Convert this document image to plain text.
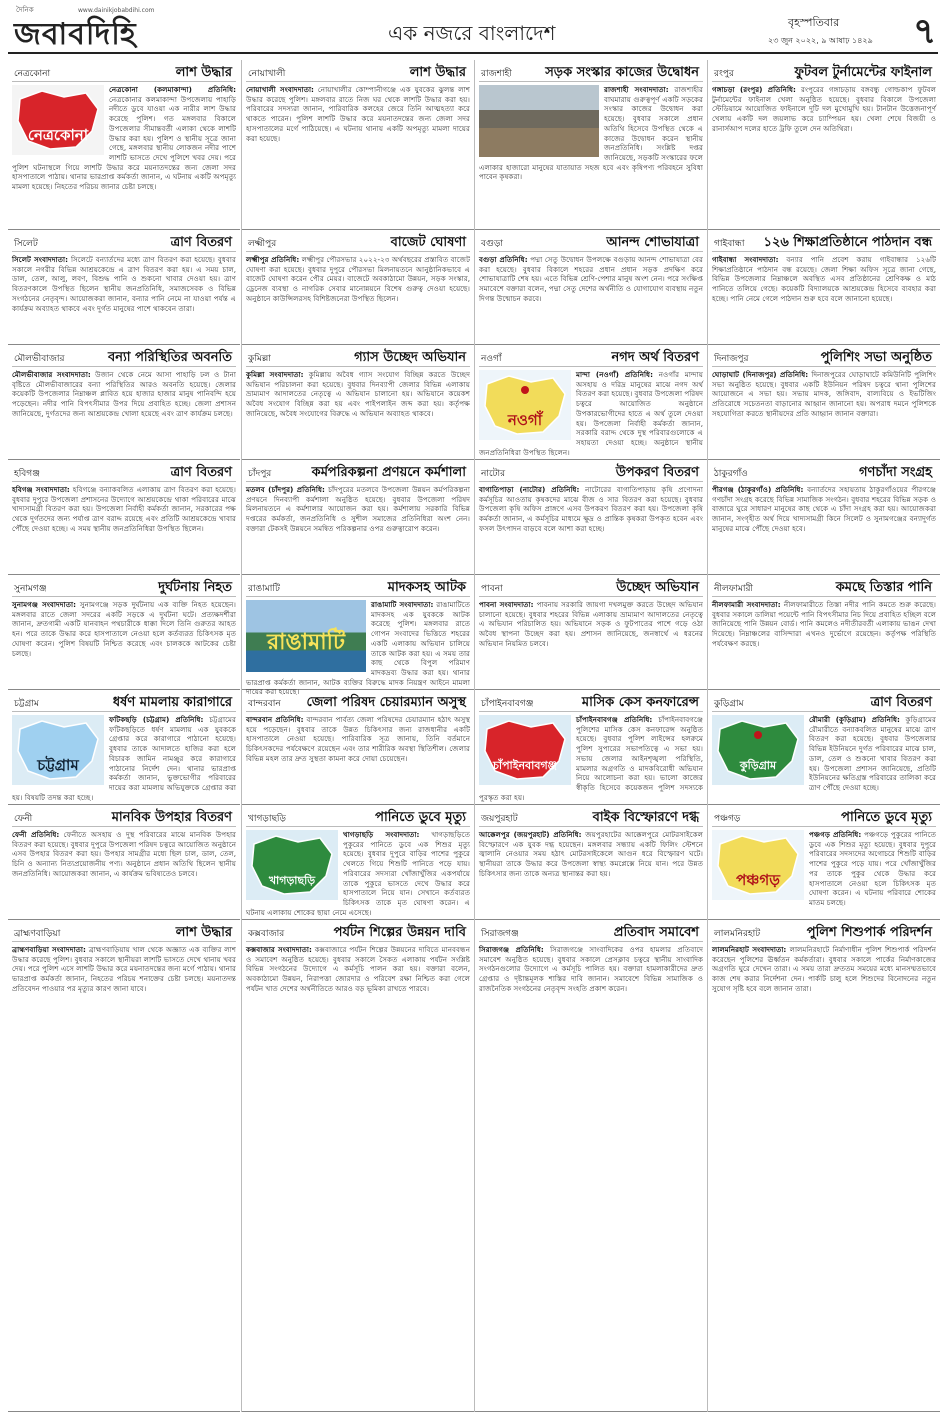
দৈনিক	www.dainikjobabdihi.com
জবাবদিহি	এক নজরে বাংলাদেশ	বৃহস্পতিবার
২৩ জুন ২০২২, ৯ আষাঢ় ১৪২৯ ৭
নেত্রকোনা	লাশ উদ্ধার
নেত্রকোনা
নেত্রকোনা (কলমাকান্দা) প্রতিনিধি: নেত্রকোনার কলমাকান্দা উপজেলায় পাহাড়ি নদীতে ডুবে যাওয়া এক নারীর লাশ উদ্ধার করেছে পুলিশ। গত মঙ্গলবার বিকালে উপজেলার সীমান্তবর্তী এলাকা থেকে লাশটি উদ্ধার করা হয়। পুলিশ ও স্থানীয় সূত্রে জানা গেছে, মঙ্গলবার স্থানীয় লোকজন নদীর পাশে লাশটি ভাসতে দেখে পুলিশে খবর দেয়। পরে পুলিশ ঘটনাস্থলে গিয়ে লাশটি উদ্ধার করে ময়নাতদন্তের জন্য জেলা সদর হাসপাতালে পাঠায়। থানার ভারপ্রাপ্ত কর্মকর্তা জানান, এ ঘটনায় একটি অপমৃত্যু মামলা হয়েছে। নিহতের পরিচয় জানার চেষ্টা চলছে।
সিলেট	ত্রাণ বিতরণ
সিলেট সংবাদদাতা: সিলেটে বন্যার্তদের মধ্যে ত্রাণ বিতরণ করা হয়েছে। বুধবার সকালে নগরীর বিভিন্ন আশ্রয়কেন্দ্রে এ ত্রাণ বিতরণ করা হয়। এ সময় চাল, ডাল, তেল, আলু, লবণ, বিশুদ্ধ পানি ও শুকনো খাবার দেওয়া হয়। ত্রাণ বিতরণকালে উপস্থিত ছিলেন স্থানীয় জনপ্রতিনিধি, সমাজসেবক ও বিভিন্ন সংগঠনের নেতৃবৃন্দ। আয়োজকরা জানান, বন্যার পানি নেমে না যাওয়া পর্যন্ত এ কার্যক্রম অব্যাহত থাকবে এবং দুর্গত মানুষের পাশে থাকবেন তারা।
মৌলভীবাজার	বন্যা পরিস্থিতির অবনতি
মৌলভীবাজার সংবাদদাতা: উজান থেকে নেমে আসা পাহাড়ি ঢল ও টানা বৃষ্টিতে মৌলভীবাজারের বন্যা পরিস্থিতির আরও অবনতি হয়েছে। জেলার কয়েকটি উপজেলার নিম্নাঞ্চল প্লাবিত হয়ে হাজার হাজার মানুষ পানিবন্দি হয়ে পড়েছেন। নদীর পানি বিপৎসীমার উপর দিয়ে প্রবাহিত হচ্ছে। জেলা প্রশাসন জানিয়েছে, দুর্গতদের জন্য আশ্রয়কেন্দ্র খোলা হয়েছে এবং ত্রাণ কার্যক্রম চলছে।
হবিগঞ্জ	ত্রাণ বিতরণ
হবিগঞ্জ সংবাদদাতা: হবিগঞ্জে বন্যাকবলিত এলাকায় ত্রাণ বিতরণ করা হয়েছে। বুধবার দুপুরে উপজেলা প্রশাসনের উদ্যোগে আশ্রয়কেন্দ্রে থাকা পরিবারের মাঝে খাদ্যসামগ্রী বিতরণ করা হয়। উপজেলা নির্বাহী কর্মকর্তা জানান, সরকারের পক্ষ থেকে দুর্গতদের জন্য পর্যাপ্ত ত্রাণ বরাদ্দ রয়েছে এবং প্রতিটি আশ্রয়কেন্দ্রে খাবার পৌঁছে দেওয়া হচ্ছে। এ সময় স্থানীয় জনপ্রতিনিধিরা উপস্থিত ছিলেন।
সুনামগঞ্জ	দুর্ঘটনায় নিহত
সুনামগঞ্জ সংবাদদাতা: সুনামগঞ্জে সড়ক দুর্ঘটনায় এক ব্যক্তি নিহত হয়েছেন। মঙ্গলবার রাতে জেলা সদরের একটি সড়কে এ দুর্ঘটনা ঘটে। প্রত্যক্ষদর্শীরা জানান, দ্রুতগামী একটি যানবাহন পথচারীকে ধাক্কা দিলে তিনি গুরুতর আহত হন। পরে তাকে উদ্ধার করে হাসপাতালে নেওয়া হলে কর্তব্যরত চিকিৎসক মৃত ঘোষণা করেন। পুলিশ বিষয়টি নিশ্চিত করেছে এবং চালককে আটকের চেষ্টা চলছে।
চট্টগ্রাম	ধর্ষণ মামলায় কারাগারে
চট্টগ্রাম
ফটিকছড়ি (চট্টগ্রাম) প্রতিনিধি: চট্টগ্রামের ফটিকছড়িতে ধর্ষণ মামলায় এক যুবককে গ্রেপ্তার করে কারাগারে পাঠানো হয়েছে। বুধবার তাকে আদালতে হাজির করা হলে বিচারক জামিন নামঞ্জুর করে কারাগারে পাঠানোর নির্দেশ দেন। থানার ভারপ্রাপ্ত কর্মকর্তা জানান, ভুক্তভোগীর পরিবারের দায়ের করা মামলায় অভিযুক্তকে গ্রেপ্তার করা হয়। বিষয়টি তদন্ত করা হচ্ছে।
ফেনী	মানবিক উপহার বিতরণ
ফেনী প্রতিনিধি: ফেনীতে অসহায় ও দুস্থ পরিবারের মাঝে মানবিক উপহার বিতরণ করা হয়েছে। বুধবার দুপুরে উপজেলা পরিষদ চত্বরে আয়োজিত অনুষ্ঠানে এসব উপহার বিতরণ করা হয়। উপহার সামগ্রীর মধ্যে ছিল চাল, ডাল, তেল, চিনি ও অন্যান্য নিত্যপ্রয়োজনীয় পণ্য। অনুষ্ঠানে প্রধান অতিথি ছিলেন স্থানীয় জনপ্রতিনিধি। আয়োজকরা জানান, এ কার্যক্রম ভবিষ্যতেও চলবে।
ব্রাহ্মণবাড়িয়া	লাশ উদ্ধার
ব্রাহ্মণবাড়িয়া সংবাদদাতা: ব্রাহ্মণবাড়িয়ায় খাল থেকে অজ্ঞাত এক ব্যক্তির লাশ উদ্ধার করেছে পুলিশ। বুধবার সকালে স্থানীয়রা লাশটি ভাসতে দেখে থানায় খবর দেয়। পরে পুলিশ এসে লাশটি উদ্ধার করে ময়নাতদন্তের জন্য মর্গে পাঠায়। থানার ভারপ্রাপ্ত কর্মকর্তা জানান, নিহতের পরিচয় শনাক্তের চেষ্টা চলছে। ময়নাতদন্ত প্রতিবেদন পাওয়ার পর মৃত্যুর কারণ জানা যাবে।
নোয়াখালী	লাশ উদ্ধার
নোয়াখালী সংবাদদাতা: নোয়াখালীর কোম্পানীগঞ্জে এক যুবকের ঝুলন্ত লাশ উদ্ধার করেছে পুলিশ। মঙ্গলবার রাতে নিজ ঘর থেকে লাশটি উদ্ধার করা হয়। পরিবারের সদস্যরা জানান, পারিবারিক কলহের জেরে তিনি আত্মহত্যা করে থাকতে পারেন। পুলিশ লাশটি উদ্ধার করে ময়নাতদন্তের জন্য জেলা সদর হাসপাতালের মর্গে পাঠিয়েছে। এ ঘটনায় থানায় একটি অপমৃত্যু মামলা দায়ের করা হয়েছে।
লক্ষ্মীপুর	বাজেট ঘোষণা
লক্ষ্মীপুর প্রতিনিধি: লক্ষ্মীপুর পৌরসভার ২০২২-২৩ অর্থবছরের প্রস্তাবিত বাজেট ঘোষণা করা হয়েছে। বুধবার দুপুরে পৌরসভা মিলনায়তনে আনুষ্ঠানিকভাবে এ বাজেট ঘোষণা করেন পৌর মেয়র। বাজেটে অবকাঠামো উন্নয়ন, সড়ক সংস্কার, ড্রেনেজ ব্যবস্থা ও নাগরিক সেবার মানোন্নয়নে বিশেষ গুরুত্ব দেওয়া হয়েছে। অনুষ্ঠানে কাউন্সিলরসহ বিশিষ্টজনেরা উপস্থিত ছিলেন।
কুমিল্লা	গ্যাস উচ্ছেদ অভিযান
কুমিল্লা সংবাদদাতা: কুমিল্লায় অবৈধ গ্যাস সংযোগ বিচ্ছিন্ন করতে উচ্ছেদ অভিযান পরিচালনা করা হয়েছে। বুধবার দিনব্যাপী জেলার বিভিন্ন এলাকায় ভ্রাম্যমাণ আদালতের নেতৃত্বে এ অভিযান চালানো হয়। অভিযানে কয়েকশ অবৈধ সংযোগ বিচ্ছিন্ন করা হয় এবং পাইপলাইন জব্দ করা হয়। কর্তৃপক্ষ জানিয়েছে, অবৈধ সংযোগের বিরুদ্ধে এ অভিযান অব্যাহত থাকবে।
চাঁদপুর	কর্মপরিকল্পনা প্রণয়নে কর্মশালা
মতলব (চাঁদপুর) প্রতিনিধি: চাঁদপুরের মতলবে উপজেলা উন্নয়ন কর্মপরিকল্পনা প্রণয়নে দিনব্যাপী কর্মশালা অনুষ্ঠিত হয়েছে। বুধবার উপজেলা পরিষদ মিলনায়তনে এ কর্মশালার আয়োজন করা হয়। কর্মশালায় সরকারি বিভিন্ন দপ্তরের কর্মকর্তা, জনপ্রতিনিধি ও সুশীল সমাজের প্রতিনিধিরা অংশ নেন। বক্তারা টেকসই উন্নয়নে সমন্বিত পরিকল্পনার ওপর গুরুত্বারোপ করেন।
রাঙামাটি	মাদকসহ আটক
রাঙামাটি
রাঙামাটি সংবাদদাতা: রাঙামাটিতে মাদকসহ এক যুবককে আটক করেছে পুলিশ। মঙ্গলবার রাতে গোপন সংবাদের ভিত্তিতে শহরের একটি এলাকায় অভিযান চালিয়ে তাকে আটক করা হয়। এ সময় তার কাছ থেকে বিপুল পরিমাণ মাদকদ্রব্য উদ্ধার করা হয়। থানার ভারপ্রাপ্ত কর্মকর্তা জানান, আটক ব্যক্তির বিরুদ্ধে মাদক নিয়ন্ত্রণ আইনে মামলা দায়ের করা হয়েছে।
বান্দরবান জেলা পরিষদ চেয়ারম্যান অসুস্থ
বান্দরবান প্রতিনিধি: বান্দরবান পার্বত্য জেলা পরিষদের চেয়ারম্যান হঠাৎ অসুস্থ হয়ে পড়েছেন। বুধবার তাকে উন্নত চিকিৎসার জন্য রাজধানীর একটি হাসপাতালে নেওয়া হয়েছে। পারিবারিক সূত্র জানায়, তিনি বর্তমানে চিকিৎসকদের পর্যবেক্ষণে রয়েছেন এবং তার শারীরিক অবস্থা স্থিতিশীল। জেলার বিভিন্ন মহল তার দ্রুত সুস্থতা কামনা করে দোয়া চেয়েছেন।
খাগড়াছড়ি	পানিতে ডুবে মৃত্যু
খাগড়াছড়ি
খাগড়াছড়ি সংবাদদাতা: খাগড়াছড়িতে পুকুরের পানিতে ডুবে এক শিশুর মৃত্যু হয়েছে। বুধবার দুপুরে বাড়ির পাশের পুকুরে খেলতে গিয়ে শিশুটি পানিতে পড়ে যায়। পরিবারের সদস্যরা খোঁজাখুঁজির একপর্যায়ে তাকে পুকুরে ভাসতে দেখে উদ্ধার করে হাসপাতালে নিয়ে যান। সেখানে কর্তব্যরত চিকিৎসক তাকে মৃত ঘোষণা করেন। এ ঘটনায় এলাকায় শোকের ছায়া নেমে এসেছে।
কক্সবাজার	পর্যটন শিল্পের উন্নয়ন দাবি
কক্সবাজার সংবাদদাতা: কক্সবাজারে পর্যটন শিল্পের উন্নয়নের দাবিতে মানববন্ধন ও সমাবেশ অনুষ্ঠিত হয়েছে। বুধবার সকালে সৈকত এলাকায় পর্যটন সংশ্লিষ্ট বিভিন্ন সংগঠনের উদ্যোগে এ কর্মসূচি পালন করা হয়। বক্তারা বলেন, অবকাঠামো উন্নয়ন, নিরাপত্তা জোরদার ও পরিবেশ রক্ষা নিশ্চিত করা গেলে পর্যটন খাত দেশের অর্থনীতিতে আরও বড় ভূমিকা রাখতে পারবে।
রাজশাহী	সড়ক সংস্কার কাজের উদ্বোধন
রাজশাহী সংবাদদাতা: রাজশাহীর বাঘমারায় গুরুত্বপূর্ণ একটি সড়কের সংস্কার কাজের উদ্বোধন করা হয়েছে। বুধবার সকালে প্রধান অতিথি হিসেবে উপস্থিত থেকে এ কাজের উদ্বোধন করেন স্থানীয় জনপ্রতিনিধি। সংশ্লিষ্ট দপ্তর জানিয়েছে, সড়কটি সংস্কারের ফলে এলাকার হাজারো মানুষের যাতায়াত সহজ হবে এবং কৃষিপণ্য পরিবহনে সুবিধা পাবেন কৃষকরা।
বগুড়া	আনন্দ শোভাযাত্রা
বগুড়া প্রতিনিধি: পদ্মা সেতু উদ্বোধন উপলক্ষে বগুড়ায় আনন্দ শোভাযাত্রা বের করা হয়েছে। বুধবার বিকালে শহরের প্রধান প্রধান সড়ক প্রদক্ষিণ করে শোভাযাত্রাটি শেষ হয়। এতে বিভিন্ন শ্রেণি-পেশার মানুষ অংশ নেন। পরে সংক্ষিপ্ত সমাবেশে বক্তারা বলেন, পদ্মা সেতু দেশের অর্থনীতি ও যোগাযোগ ব্যবস্থায় নতুন দিগন্ত উন্মোচন করবে।
নওগাঁ	নগদ অর্থ বিতরণ
নওগাঁ
মান্দা (নওগাঁ) প্রতিনিধি: নওগাঁর মান্দায় অসহায় ও দরিদ্র মানুষের মাঝে নগদ অর্থ বিতরণ করা হয়েছে। বুধবার উপজেলা পরিষদ চত্বরে আয়োজিত অনুষ্ঠানে উপকারভোগীদের হাতে এ অর্থ তুলে দেওয়া হয়। উপজেলা নির্বাহী কর্মকর্তা জানান, সরকারি বরাদ্দ থেকে দুস্থ পরিবারগুলোকে এ সহায়তা দেওয়া হচ্ছে। অনুষ্ঠানে স্থানীয় জনপ্রতিনিধিরা উপস্থিত ছিলেন।
নাটোর	উপকরণ বিতরণ
বাগাতিপাড়া (নাটোর) প্রতিনিধি: নাটোরের বাগাতিপাড়ায় কৃষি প্রণোদনা কর্মসূচির আওতায় কৃষকদের মাঝে বীজ ও সার বিতরণ করা হয়েছে। বুধবার উপজেলা কৃষি অফিস প্রাঙ্গণে এসব উপকরণ বিতরণ করা হয়। উপজেলা কৃষি কর্মকর্তা জানান, এ কর্মসূচির মাধ্যমে ক্ষুদ্র ও প্রান্তিক কৃষকরা উপকৃত হবেন এবং ফসল উৎপাদন বাড়বে বলে আশা করা হচ্ছে।
পাবনা	উচ্ছেদ অভিযান
পাবনা সংবাদদাতা: পাবনায় সরকারি জায়গা দখলমুক্ত করতে উচ্ছেদ অভিযান চালানো হয়েছে। বুধবার শহরের বিভিন্ন এলাকায় ভ্রাম্যমাণ আদালতের নেতৃত্বে এ অভিযান পরিচালিত হয়। অভিযানে সড়ক ও ফুটপাতের পাশে গড়ে ওঠা অবৈধ স্থাপনা উচ্ছেদ করা হয়। প্রশাসন জানিয়েছে, জনস্বার্থে এ ধরনের অভিযান নিয়মিত চলবে।
চাঁপাইনবাবগঞ্জ	মাসিক কেস কনফারেন্স
চাঁপাইনবাবগঞ্জ
চাঁপাইনবাবগঞ্জ প্রতিনিধি: চাঁপাইনবাবগঞ্জে পুলিশের মাসিক কেস কনফারেন্স অনুষ্ঠিত হয়েছে। বুধবার পুলিশ লাইন্সের হলরুমে পুলিশ সুপারের সভাপতিত্বে এ সভা হয়। সভায় জেলার আইনশৃঙ্খলা পরিস্থিতি, মামলার অগ্রগতি ও মাদকবিরোধী অভিযান নিয়ে আলোচনা করা হয়। ভালো কাজের স্বীকৃতি হিসেবে কয়েকজন পুলিশ সদস্যকে পুরস্কৃত করা হয়।
জয়পুরহাট	বাইক বিস্ফোরণে দগ্ধ
আক্কেলপুর (জয়পুরহাট) প্রতিনিধি: জয়পুরহাটের আক্কেলপুরে মোটরসাইকেল বিস্ফোরণে এক যুবক দগ্ধ হয়েছেন। মঙ্গলবার সন্ধ্যায় একটি ফিলিং স্টেশনে জ্বালানি নেওয়ার সময় হঠাৎ মোটরসাইকেলে আগুন ধরে বিস্ফোরণ ঘটে। স্থানীয়রা তাকে উদ্ধার করে উপজেলা স্বাস্থ্য কমপ্লেক্সে নিয়ে যান। পরে উন্নত চিকিৎসার জন্য তাকে অন্যত্র স্থানান্তর করা হয়।
সিরাজগঞ্জ	প্রতিবাদ সমাবেশ
সিরাজগঞ্জ প্রতিনিধি: সিরাজগঞ্জে সাংবাদিকের ওপর হামলার প্রতিবাদে সমাবেশ অনুষ্ঠিত হয়েছে। বুধবার সকালে প্রেসক্লাব চত্বরে স্থানীয় সাংবাদিক সংগঠনগুলোর উদ্যোগে এ কর্মসূচি পালিত হয়। বক্তারা হামলাকারীদের দ্রুত গ্রেপ্তার ও দৃষ্টান্তমূলক শাস্তির দাবি জানান। সমাবেশে বিভিন্ন সামাজিক ও রাজনৈতিক সংগঠনের নেতৃবৃন্দ সংহতি প্রকাশ করেন।
রংপুর	ফুটবল টুর্নামেন্টের ফাইনাল
গঙ্গাচড়া (রংপুর) প্রতিনিধি: রংপুরের গঙ্গাচড়ায় বঙ্গবন্ধু গোল্ডকাপ ফুটবল টুর্নামেন্টের ফাইনাল খেলা অনুষ্ঠিত হয়েছে। বুধবার বিকালে উপজেলা স্টেডিয়ামে আয়োজিত ফাইনালে দুটি দল মুখোমুখি হয়। টানটান উত্তেজনাপূর্ণ খেলায় একটি দল জয়লাভ করে চ্যাম্পিয়ন হয়। খেলা শেষে বিজয়ী ও রানার্সআপ দলের হাতে ট্রফি তুলে দেন অতিথিরা।
গাইবান্ধা ১২৬ শিক্ষাপ্রতিষ্ঠানে পাঠদান বন্ধ
গাইবান্ধা সংবাদদাতা: বন্যার পানি প্রবেশ করায় গাইবান্ধার ১২৬টি শিক্ষাপ্রতিষ্ঠানে পাঠদান বন্ধ রয়েছে। জেলা শিক্ষা অফিস সূত্রে জানা গেছে, বিভিন্ন উপজেলার নিম্নাঞ্চলে অবস্থিত এসব প্রতিষ্ঠানের শ্রেণিকক্ষ ও মাঠ পানিতে তলিয়ে গেছে। কয়েকটি বিদ্যালয়কে আশ্রয়কেন্দ্র হিসেবে ব্যবহার করা হচ্ছে। পানি নেমে গেলে পাঠদান শুরু হবে বলে জানানো হয়েছে।
দিনাজপুর	পুলিশিং সভা অনুষ্ঠিত
ঘোড়াঘাট (দিনাজপুর) প্রতিনিধি: দিনাজপুরের ঘোড়াঘাটে কমিউনিটি পুলিশিং সভা অনুষ্ঠিত হয়েছে। বুধবার একটি ইউনিয়ন পরিষদ চত্বরে থানা পুলিশের আয়োজনে এ সভা হয়। সভায় মাদক, জঙ্গিবাদ, বাল্যবিয়ে ও ইভটিজিং প্রতিরোধে সচেতনতা বাড়ানোর আহ্বান জানানো হয়। অপরাধ দমনে পুলিশকে সহযোগিতা করতে স্থানীয়দের প্রতি আহ্বান জানান বক্তারা।
ঠাকুরগাঁও	গণচাঁদা সংগ্রহ
পীরগঞ্জ (ঠাকুরগাঁও) প্রতিনিধি: বন্যার্তদের সহায়তায় ঠাকুরগাঁওয়ের পীরগঞ্জে গণচাঁদা সংগ্রহ করেছে বিভিন্ন সামাজিক সংগঠন। বুধবার শহরের বিভিন্ন সড়ক ও বাজারে ঘুরে সাধারণ মানুষের কাছ থেকে এ চাঁদা সংগ্রহ করা হয়। আয়োজকরা জানান, সংগৃহীত অর্থ দিয়ে খাদ্যসামগ্রী কিনে সিলেট ও সুনামগঞ্জের বন্যাদুর্গত মানুষের মাঝে পৌঁছে দেওয়া হবে।
নীলফামারী	কমছে তিস্তার পানি
নীলফামারী সংবাদদাতা: নীলফামারীতে তিস্তা নদীর পানি কমতে শুরু করেছে। বুধবার সকালে ডালিয়া পয়েন্টে পানি বিপৎসীমার নিচ দিয়ে প্রবাহিত হচ্ছিল বলে জানিয়েছে পানি উন্নয়ন বোর্ড। পানি কমলেও নদীতীরবর্তী এলাকায় ভাঙন দেখা দিয়েছে। নিম্নাঞ্চলের বাসিন্দারা এখনও দুর্ভোগে রয়েছেন। কর্তৃপক্ষ পরিস্থিতি পর্যবেক্ষণ করছে।
কুড়িগ্রাম	ত্রাণ বিতরণ
কুড়িগ্রাম
রৌমারী (কুড়িগ্রাম) প্রতিনিধি: কুড়িগ্রামের রৌমারীতে বন্যাকবলিত মানুষের মাঝে ত্রাণ বিতরণ করা হয়েছে। বুধবার উপজেলার বিভিন্ন ইউনিয়নে দুর্গত পরিবারের মাঝে চাল, ডাল, তেল ও শুকনো খাবার বিতরণ করা হয়। উপজেলা প্রশাসন জানিয়েছে, প্রতিটি ইউনিয়নের ক্ষতিগ্রস্ত পরিবারের তালিকা করে ত্রাণ পৌঁছে দেওয়া হচ্ছে।
পঞ্চগড়	পানিতে ডুবে মৃত্যু
পঞ্চগড়
পঞ্চগড় প্রতিনিধি: পঞ্চগড়ে পুকুরের পানিতে ডুবে এক শিশুর মৃত্যু হয়েছে। বুধবার দুপুরে পরিবারের সদস্যদের অগোচরে শিশুটি বাড়ির পাশের পুকুরে পড়ে যায়। পরে খোঁজাখুঁজির পর তাকে পুকুর থেকে উদ্ধার করে হাসপাতালে নেওয়া হলে চিকিৎসক মৃত ঘোষণা করেন। এ ঘটনায় পরিবারে শোকের মাতম চলছে।
লালমনিরহাট	পুলিশ শিশুপার্ক পরিদর্শন
লালমনিরহাট সংবাদদাতা: লালমনিরহাটে নির্মাণাধীন পুলিশ শিশুপার্ক পরিদর্শন করেছেন পুলিশের ঊর্ধ্বতন কর্মকর্তারা। বুধবার সকালে পার্কের নির্মাণকাজের অগ্রগতি ঘুরে দেখেন তারা। এ সময় তারা দ্রুততম সময়ের মধ্যে মানসম্মতভাবে কাজ শেষ করার নির্দেশনা দেন। পার্কটি চালু হলে শিশুদের বিনোদনের নতুন সুযোগ সৃষ্টি হবে বলে জানান তারা।
